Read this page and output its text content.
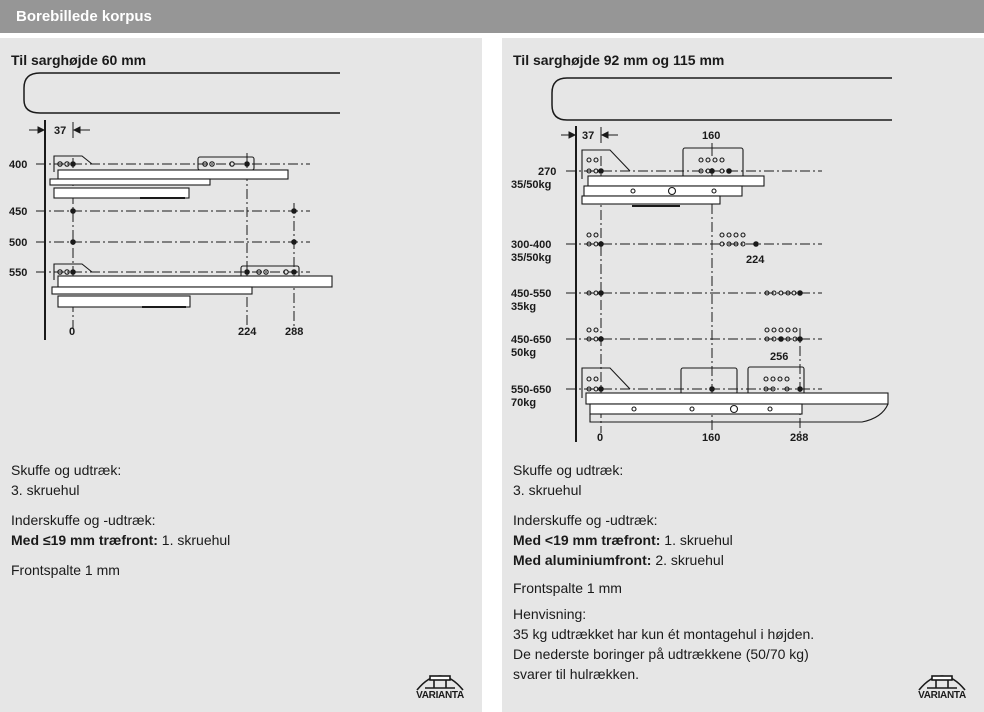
Borebillede korpus
Til sarghøjde 60 mm
37
400
450
500
550
0	224	288
Skuffe og udtræk:
3. skruehul
Inderskuffe og -udtræk:
Med ≤19 mm træfront: 1. skruehul
Frontspalte 1 mm
VARIANTA
Til sarghøjde 92 mm og 115 mm
37	160
270
35/50kg
300-400
35/50kg
450-550
35kg
450-650
50kg
550-650
70kg
224
256
0	160	288
Skuffe og udtræk:
3. skruehul
Inderskuffe og -udtræk:
Med <19 mm træfront: 1. skruehul
Med aluminiumfront: 2. skruehul
Frontspalte 1 mm
Henvisning:
35 kg udtrækket har kun ét montagehul i højden.
De nederste boringer på udtrækkene (50/70 kg)
svarer til hulrækken.
VARIANTA
